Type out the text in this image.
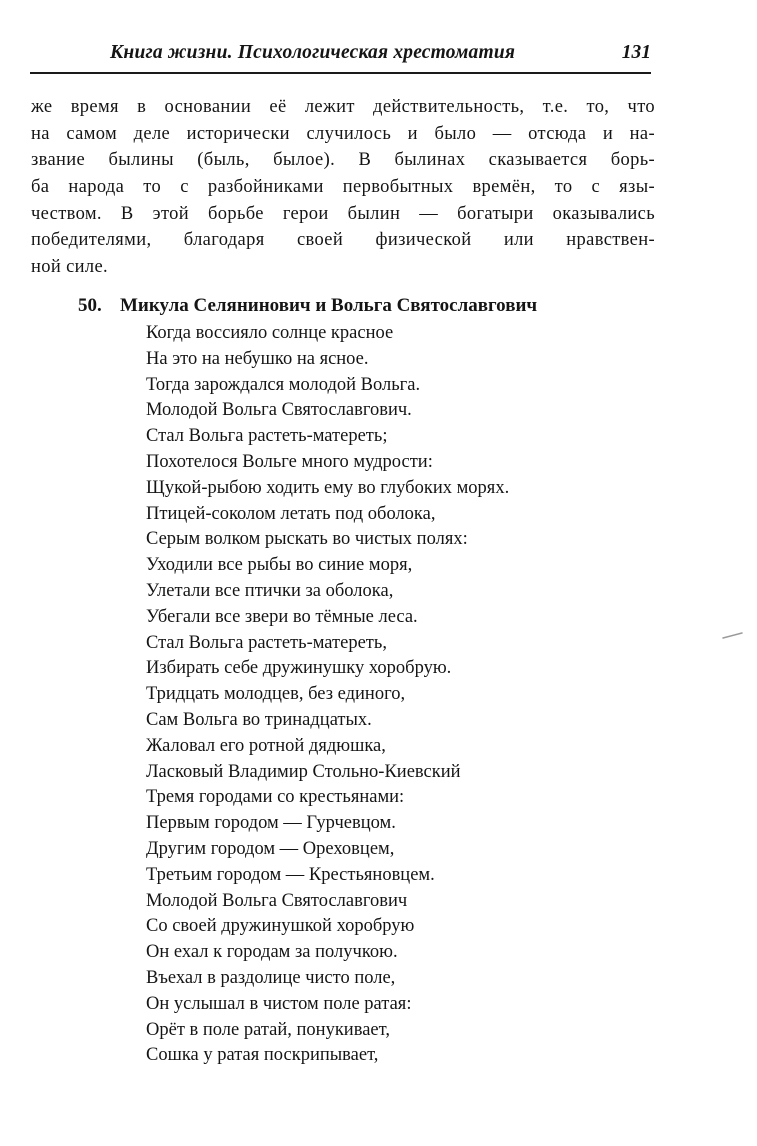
Книга жизни. Психологическая хрестоматия	131
же время в основании её лежит действительность, т.е. то, что
на самом деле исторически случилось и было — отсюда и на-
звание былины (быль, былое). В былинах сказывается борь-
ба народа то с разбойниками первобытных времён, то с язы-
чеством. В этой борьбе герои былин — богатыри оказывались
победителями, благодаря своей физической или нравствен-
ной силе.
50. Микула Селянинович и Вольга Святославгович
Когда воссияло солнце красное
На это на небушко на ясное.
Тогда зарождался молодой Вольга.
Молодой Вольга Святославгович.
Стал Вольга растеть-матереть;
Похотелося Вольге много мудрости:
Щукой-рыбою ходить ему во глубоких морях.
Птицей-соколом летать под оболока,
Серым волком рыскать во чистых полях:
Уходили все рыбы во синие моря,
Улетали все птички за оболока,
Убегали все звери во тёмные леса.
Стал Вольга растеть-матереть,
Избирать себе дружинушку хоробрую.
Тридцать молодцев, без единого,
Сам Вольга во тринадцатых.
Жаловал его ротной дядюшка,
Ласковый Владимир Стольно-Киевский
Тремя городами со крестьянами:
Первым городом — Гурчевцом.
Другим городом — Ореховцем,
Третьим городом — Крестьяновцем.
Молодой Вольга Святославгович
Со своей дружинушкой хоробрую
Он ехал к городам за получкою.
Въехал в раздолице чисто поле,
Он услышал в чистом поле ратая:
Орёт в поле ратай, понукивает,
Сошка у ратая поскрипывает,
